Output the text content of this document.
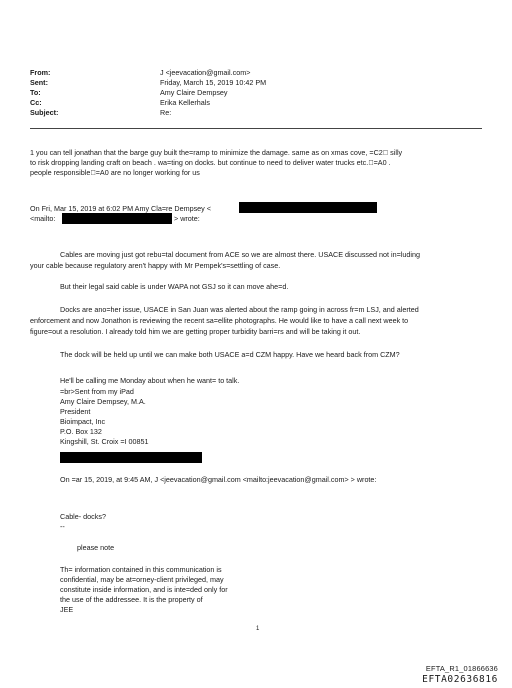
From:	J <jeevacation@gmail.com>
Sent:	Friday, March 15, 2019 10:42 PM
To:	Amy Claire Dempsey
Cc:	Erika Kellerhals
Subject:	Re:
1 you can tell jonathan that the barge guy built the=ramp to minimize the damage. same as on xmas cove, =C2  silly
to risk dropping landing craft on beach . wa=ting on docks. but continue to need to deliver water trucks etc. =A0 .
people responsible =A0 are no longer working for us
On Fri, Mar 15, 2019 at 6:02 PM Amy Cla=re Dempsey <
<mailto:	> wrote:
Cables are moving just got rebu=tal document from ACE so we are almost there. USACE discussed not in=luding
your cable because regulatory aren't happy with Mr Pempek's=settling of case.
But their legal said cable is under WAPA not GSJ so it can move ahe=d.
Docks are ano=her issue, USACE in San Juan was alerted about the ramp going in across fr=m LSJ, and alerted
enforcement and now Jonathon is reviewing the recent sa=ellite photographs. He would like to have a call next week to
figure=out a resolution. I already told him we are getting proper turbidity barri=rs and will be taking it out.
The dock will be held up until we can make both USACE a=d CZM happy. Have we heard back from CZM?
He'll be calling me Monday about when he want= to talk.
=br>Sent from my iPad
Amy Claire Dempsey, M.A.
President
Bioimpact, Inc
P.O. Box 132
Kingshill, St. Croix =I 00851
On =ar 15, 2019, at 9:45 AM, J <jeevacation@gmail.com <mailto:jeevacation@gmail.com> > wrote:
Cable- docks?
--
please note
Th= information contained in this communication is
confidential, may be at=orney-client privileged, may
constitute inside information, and is inte=ded only for
the use of the addressee. It is the property of
JEE
1
EFTA_R1_01866636
EFTA02636816
